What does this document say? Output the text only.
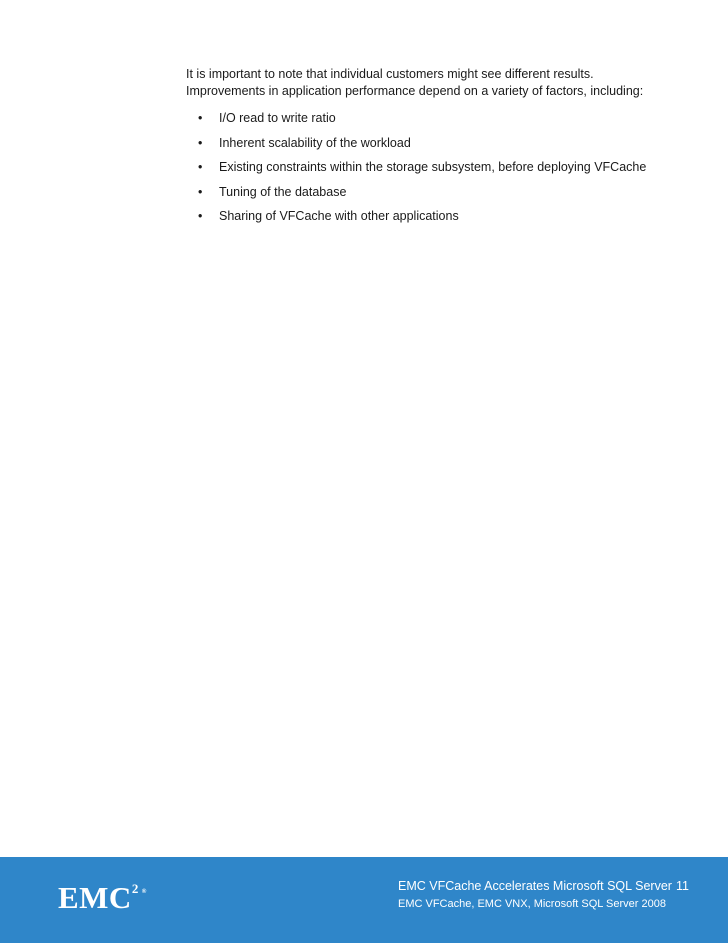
It is important to note that individual customers might see different results.
Improvements in application performance depend on a variety of factors, including:

• I/O read to write ratio
• Inherent scalability of the workload
• Existing constraints within the storage subsystem, before deploying VFCache
• Tuning of the database
• Sharing of VFCache with other applications
EMC$^2$ ®	EMC VFCache Accelerates Microsoft SQL Server
EMC VFCache, EMC VNX, Microsoft SQL Server 2008
11
